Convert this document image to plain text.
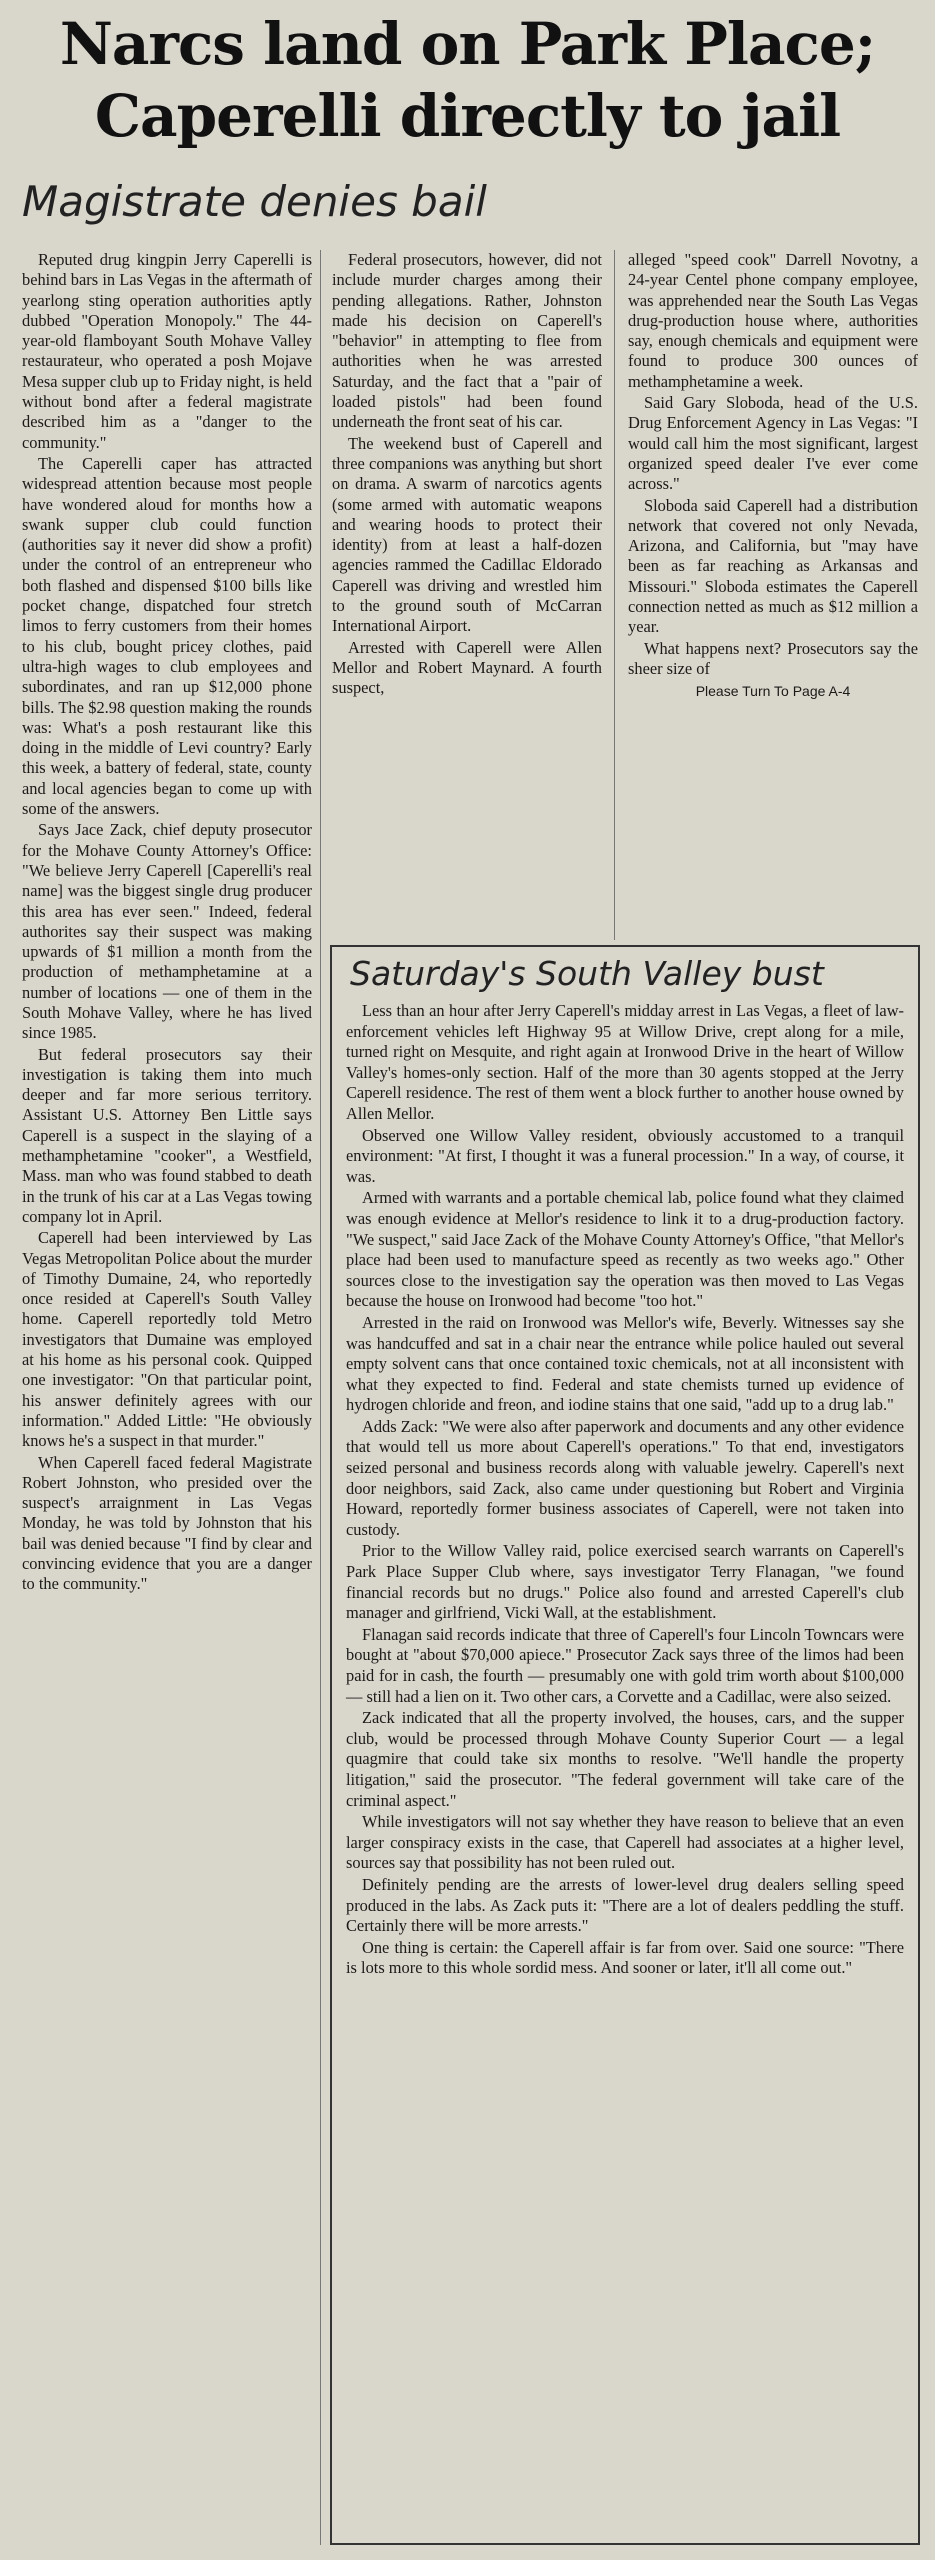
Narcs land on Park Place;
Caperelli directly to jail
Magistrate denies bail

Reputed drug kingpin Jerry Caperelli is behind bars in Las Vegas in the aftermath of yearlong sting operation authorities aptly dubbed "Operation Monopoly." The 44-year-old flamboyant South Mohave Valley restaurateur, who operated a posh Mojave Mesa supper club up to Friday night, is held without bond after a federal magistrate described him as a "danger to the community."

The Caperelli caper has attracted widespread attention because most people have wondered aloud for months how a swank supper club could function (authorities say it never did show a profit) under the control of an entrepreneur who both flashed and dispensed $100 bills like pocket change, dispatched four stretch limos to ferry customers from their homes to his club, bought pricey clothes, paid ultra-high wages to club employees and subordinates, and ran up $12,000 phone bills. The $2.98 question making the rounds was: What's a posh restaurant like this doing in the middle of Levi country? Early this week, a battery of federal, state, county and local agencies began to come up with some of the answers.

Says Jace Zack, chief deputy prosecutor for the Mohave County Attorney's Office: "We believe Jerry Caperell [Caperelli's real name] was the biggest single drug producer this area has ever seen." Indeed, federal authorites say their suspect was making upwards of $1 million a month from the production of methamphetamine at a number of locations — one of them in the South Mohave Valley, where he has lived since 1985.

But federal prosecutors say their investigation is taking them into much deeper and far more serious territory. Assistant U.S. Attorney Ben Little says Caperell is a suspect in the slaying of a methamphetamine "cooker", a Westfield, Mass. man who was found stabbed to death in the trunk of his car at a Las Vegas towing company lot in April.

Caperell had been interviewed by Las Vegas Metropolitan Police about the murder of Timothy Dumaine, 24, who reportedly once resided at Caperell's South Valley home. Caperell reportedly told Metro investigators that Dumaine was employed at his home as his personal cook. Quipped one investigator: "On that particular point, his answer definitely agrees with our information." Added Little: "He obviously knows he's a suspect in that murder."

When Caperell faced federal Magistrate Robert Johnston, who presided over the suspect's arraignment in Las Vegas Monday, he was told by Johnston that his bail was denied because "I find by clear and convincing evidence that you are a danger to the community."

Federal prosecutors, however, did not include murder charges among their pending allegations. Rather, Johnston made his decision on Caperell's "behavior" in attempting to flee from authorities when he was arrested Saturday, and the fact that a "pair of loaded pistols" had been found underneath the front seat of his car.

The weekend bust of Caperell and three companions was anything but short on drama. A swarm of narcotics agents (some armed with automatic weapons and wearing hoods to protect their identity) from at least a half-dozen agencies rammed the Cadillac Eldorado Caperell was driving and wrestled him to the ground south of McCarran International Airport.

Arrested with Caperell were Allen Mellor and Robert Maynard. A fourth suspect,

alleged "speed cook" Darrell Novotny, a 24-year Centel phone company employee, was apprehended near the South Las Vegas drug-production house where, authorities say, enough chemicals and equipment were found to produce 300 ounces of methamphetamine a week.

Said Gary Sloboda, head of the U.S. Drug Enforcement Agency in Las Vegas: "I would call him the most significant, largest organized speed dealer I've ever come across."

Sloboda said Caperell had a distribution network that covered not only Nevada, Arizona, and California, but "may have been as far reaching as Arkansas and Missouri." Sloboda estimates the Caperell connection netted as much as $12 million a year.

What happens next? Prosecutors say the sheer size of

Please Turn To Page A-4
Saturday's South Valley bust

Less than an hour after Jerry Caperell's midday arrest in Las Vegas, a fleet of law-enforcement vehicles left Highway 95 at Willow Drive, crept along for a mile, turned right on Mesquite, and right again at Ironwood Drive in the heart of Willow Valley's homes-only section. Half of the more than 30 agents stopped at the Jerry Caperell residence. The rest of them went a block further to another house owned by Allen Mellor.

Observed one Willow Valley resident, obviously accustomed to a tranquil environment: "At first, I thought it was a funeral procession." In a way, of course, it was.

Armed with warrants and a portable chemical lab, police found what they claimed was enough evidence at Mellor's residence to link it to a drug-production factory. "We suspect," said Jace Zack of the Mohave County Attorney's Office, "that Mellor's place had been used to manufacture speed as recently as two weeks ago." Other sources close to the investigation say the operation was then moved to Las Vegas because the house on Ironwood had become "too hot."

Arrested in the raid on Ironwood was Mellor's wife, Beverly. Witnesses say she was handcuffed and sat in a chair near the entrance while police hauled out several empty solvent cans that once contained toxic chemicals, not at all inconsistent with what they expected to find. Federal and state chemists turned up evidence of hydrogen chloride and freon, and iodine stains that one said, "add up to a drug lab."

Adds Zack: "We were also after paperwork and documents and any other evidence that would tell us more about Caperell's operations." To that end, investigators seized personal and business records along with valuable jewelry. Caperell's next door neighbors, said Zack, also came under questioning but Robert and Virginia Howard, reportedly former business associates of Caperell, were not taken into custody.

Prior to the Willow Valley raid, police exercised search warrants on Caperell's Park Place Supper Club where, says investigator Terry Flanagan, "we found financial records but no drugs." Police also found and arrested Caperell's club manager and girlfriend, Vicki Wall, at the establishment.

Flanagan said records indicate that three of Caperell's four Lincoln Towncars were bought at "about $70,000 apiece." Prosecutor Zack says three of the limos had been paid for in cash, the fourth — presumably one with gold trim worth about $100,000 — still had a lien on it. Two other cars, a Corvette and a Cadillac, were also seized.

Zack indicated that all the property involved, the houses, cars, and the supper club, would be processed through Mohave County Superior Court — a legal quagmire that could take six months to resolve. "We'll handle the property litigation," said the prosecutor. "The federal government will take care of the criminal aspect."

While investigators will not say whether they have reason to believe that an even larger conspiracy exists in the case, that Caperell had associates at a higher level, sources say that possibility has not been ruled out.

Definitely pending are the arrests of lower-level drug dealers selling speed produced in the labs. As Zack puts it: "There are a lot of dealers peddling the stuff. Certainly there will be more arrests."

One thing is certain: the Caperell affair is far from over. Said one source: "There is lots more to this whole sordid mess. And sooner or later, it'll all come out."
